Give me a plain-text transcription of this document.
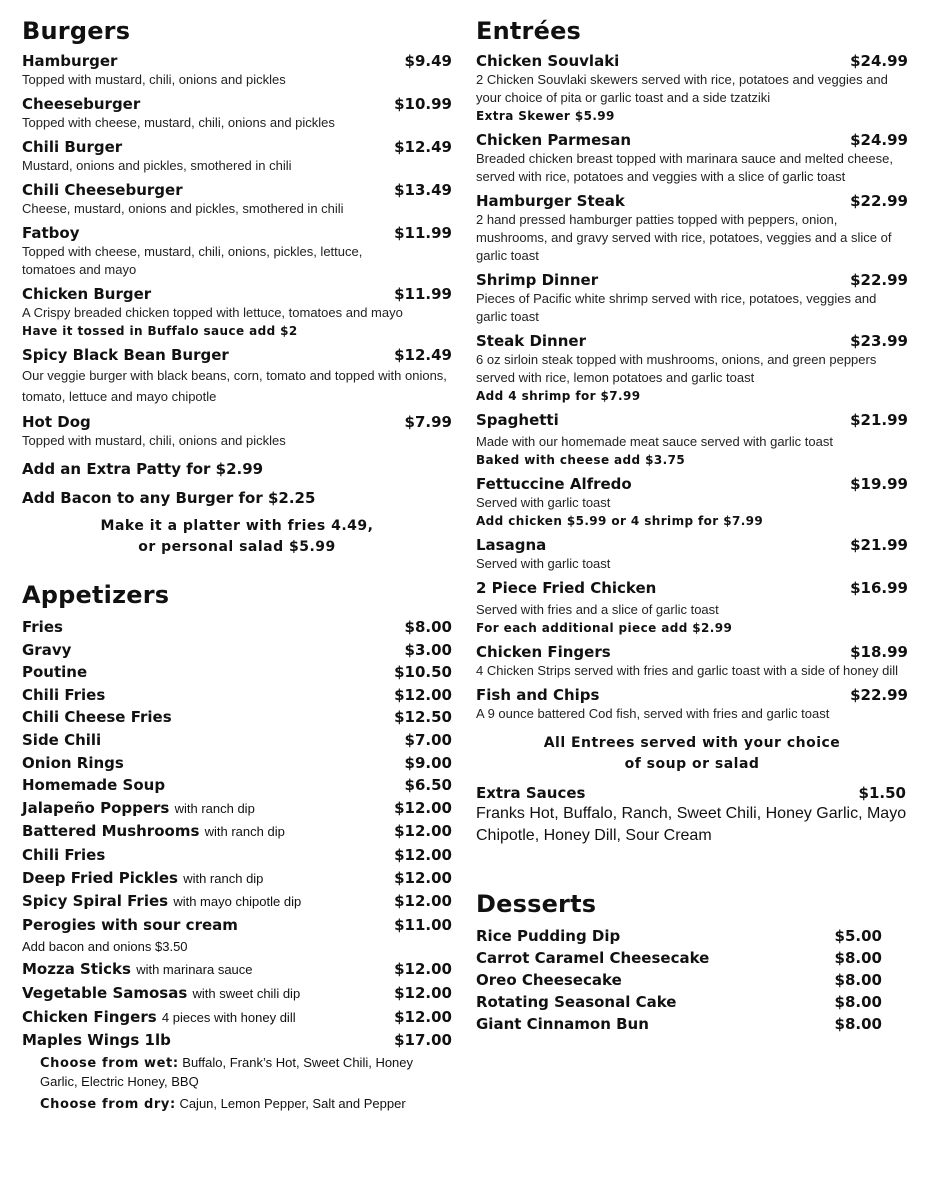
Burgers
Hamburger	$9.49
Topped with mustard, chili, onions and pickles
Cheeseburger	$10.99
Topped with cheese, mustard, chili, onions and pickles
Chili Burger	$12.49
Mustard, onions and pickles, smothered in chili
Chili Cheeseburger	$13.49
Cheese, mustard, onions and pickles, smothered in chili
Fatboy	$11.99
Topped with cheese, mustard, chili, onions, pickles, lettuce, tomatoes and mayo
Chicken Burger	$11.99
A Crispy breaded chicken topped with lettuce, tomatoes and mayo
Have it tossed in Buffalo sauce add $2
Spicy Black Bean Burger	$12.49
Our veggie burger with black beans, corn, tomato and topped with onions, tomato, lettuce and mayo chipotle
Hot Dog	$7.99
Topped with mustard, chili, onions and pickles
Add an Extra Patty for $2.99
Add Bacon to any Burger for $2.25
Make it a platter with fries 4.49,
or personal salad $5.99
Appetizers
Fries	$8.00
Gravy	$3.00
Poutine	$10.50
Chili Fries	$12.00
Chili Cheese Fries	$12.50
Side Chili	$7.00
Onion Rings	$9.00
Homemade Soup	$6.50
Jalapeño Poppers with ranch dip	$12.00
Battered Mushrooms with ranch dip	$12.00
Chili Fries	$12.00
Deep Fried Pickles with ranch dip	$12.00
Spicy Spiral Fries with mayo chipotle dip	$12.00
Perogies with sour cream	$11.00
Add bacon and onions $3.50
Mozza Sticks with marinara sauce	$12.00
Vegetable Samosas with sweet chili dip	$12.00
Chicken Fingers 4 pieces with honey dill	$12.00
Maples Wings 1lb	$17.00
Choose from wet: Buffalo, Frank’s Hot, Sweet Chili, Honey Garlic, Electric Honey, BBQ
Choose from dry: Cajun, Lemon Pepper, Salt and Pepper
Entrées
Chicken Souvlaki	$24.99
2 Chicken Souvlaki skewers served with rice, potatoes and veggies and your choice of pita or garlic toast and a side tzatziki
Extra Skewer $5.99
Chicken Parmesan	$24.99
Breaded chicken breast topped with marinara sauce and melted cheese, served with rice, potatoes and veggies with a slice of garlic toast
Hamburger Steak	$22.99
2 hand pressed hamburger patties topped with peppers, onion, mushrooms, and gravy served with rice, potatoes, veggies and a slice of garlic toast
Shrimp Dinner	$22.99
Pieces of Pacific white shrimp served with rice, potatoes, veggies and garlic toast
Steak Dinner	$23.99
6 oz sirloin steak topped with mushrooms, onions, and green peppers served with rice, lemon potatoes and garlic toast
Add 4 shrimp for $7.99
Spaghetti	$21.99
Made with our homemade meat sauce served with garlic toast
Baked with cheese add $3.75
Fettuccine Alfredo	$19.99
Served with garlic toast
Add chicken $5.99 or 4 shrimp for $7.99
Lasagna	$21.99
Served with garlic toast
2 Piece Fried Chicken	$16.99
Served with fries and a slice of garlic toast
For each additional piece add $2.99
Chicken Fingers	$18.99
4 Chicken Strips served with fries and garlic toast with a side of honey dill
Fish and Chips	$22.99
A 9 ounce battered Cod fish, served with fries and garlic toast
All Entrees served with your choice
of soup or salad
Extra Sauces	$1.50
Franks Hot, Buffalo, Ranch, Sweet Chili, Honey Garlic, Mayo Chipotle, Honey Dill, Sour Cream
Desserts
Rice Pudding Dip	$5.00
Carrot Caramel Cheesecake	$8.00
Oreo Cheesecake	$8.00
Rotating Seasonal Cake	$8.00
Giant Cinnamon Bun	$8.00
